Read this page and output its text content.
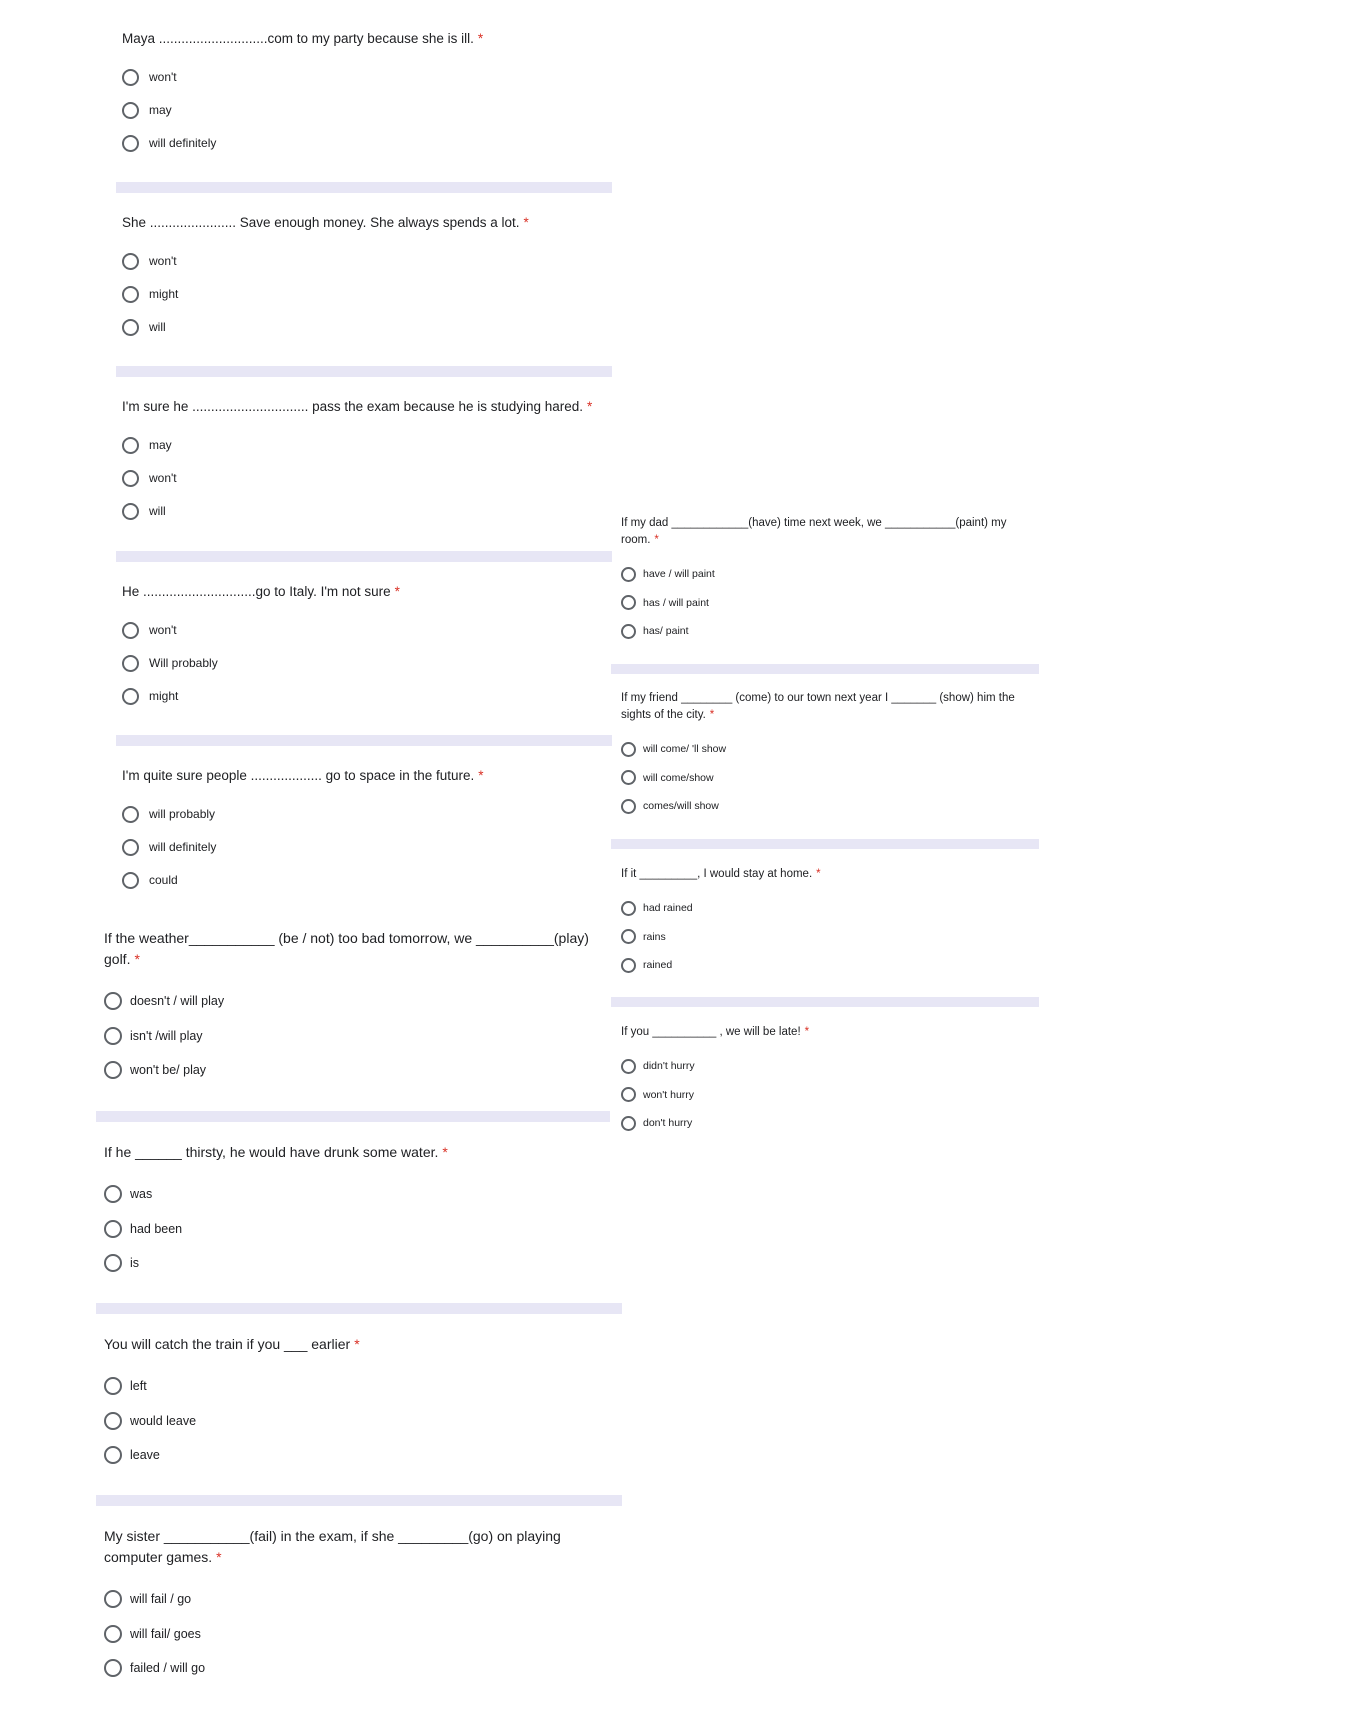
Maya .............................com to my party because she is ill. *

won't
may
will definitely

She ....................... Save enough money. She always spends a lot. *

won't
might
will

I'm sure he ............................... pass the exam because he is studying hared. *

may
won't
will

He ..............................go to Italy. I'm not sure *

won't
Will probably
might

I'm quite sure people ................... go to space in the future. *

will probably
will definitely
could

If the weather___________ (be / not) too bad tomorrow, we __________(play) golf. *

doesn't / will play
isn't /will play
won't be/ play

If he ______ thirsty, he would have drunk some water. *

was
had been
is

You will catch the train if you ___ earlier *

left
would leave
leave

My sister ___________(fail) in the exam, if she _________(go) on playing computer games. *

will fail / go
will fail/ goes
failed / will go

If my dad ____________(have) time next week, we ___________(paint) my room. *

have / will paint
has / will paint
has/ paint

If my friend ________ (come) to our town next year I _______ (show) him the sights of the city. *

will come/ 'll show
will come/show
comes/will show

If it _________, I would stay at home. *

had rained
rains
rained

If you __________ , we will be late! *

didn't hurry
won't hurry
don't hurry
